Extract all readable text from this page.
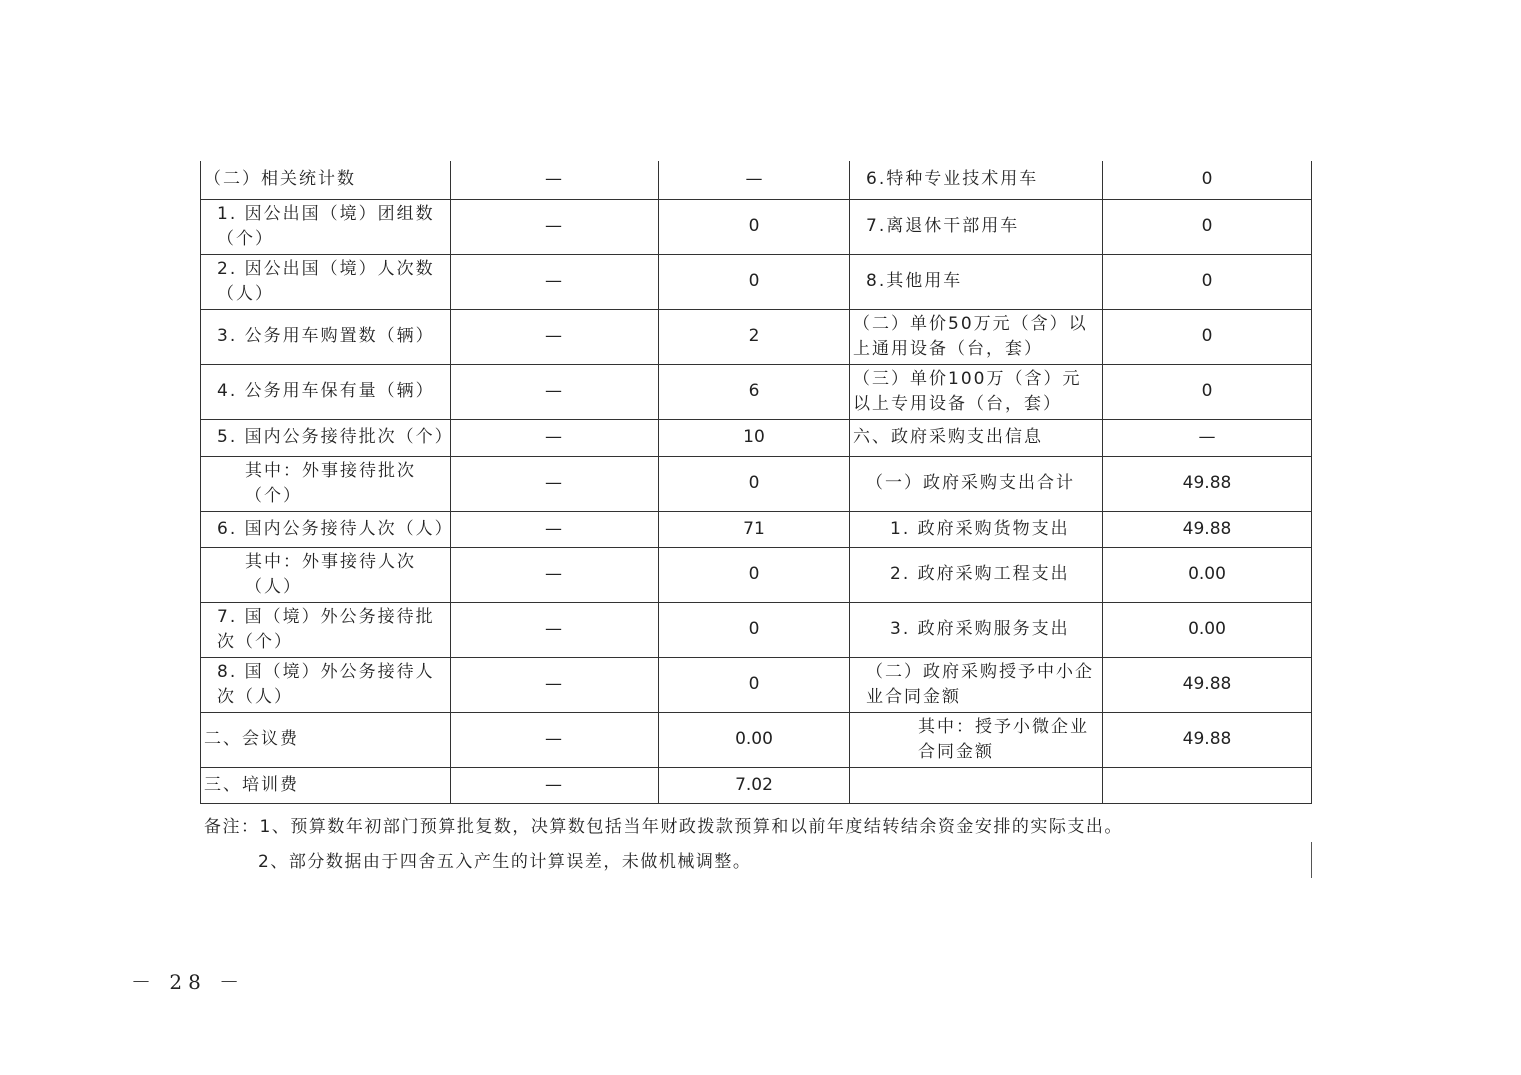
（二）相关统计数	—	—	6.特种专业技术用车	0
1. 因公出国（境）团组数（个）	—	0	7.离退休干部用车	0
2. 因公出国（境）人次数（人）	—	0	8.其他用车	0
3. 公务用车购置数（辆）	—	2	（二）单价50万元（含）以上通用设备（台，套）	0
4. 公务用车保有量（辆）	—	6	（三）单价100万（含）元以上专用设备（台，套）	0
5. 国内公务接待批次（个）	—	10	六、政府采购支出信息	—
其中：外事接待批次（个）	—	0	（一）政府采购支出合计	49.88
6. 国内公务接待人次（人）	—	71	1. 政府采购货物支出	49.88
其中：外事接待人次（人）	—	0	2. 政府采购工程支出	0.00
7. 国（境）外公务接待批次（个）	—	0	3. 政府采购服务支出	0.00
8. 国（境）外公务接待人次（人）	—	0	（二）政府采购授予中小企业合同金额	49.88
二、会议费	—	0.00	其中：授予小微企业合同金额	49.88
三、培训费	—	7.02		
备注：1、预算数年初部门预算批复数，决算数包括当年财政拨款预算和以前年度结转结余资金安排的实际支出。
2、部分数据由于四舍五入产生的计算误差，未做机械调整。
－ 28 －
